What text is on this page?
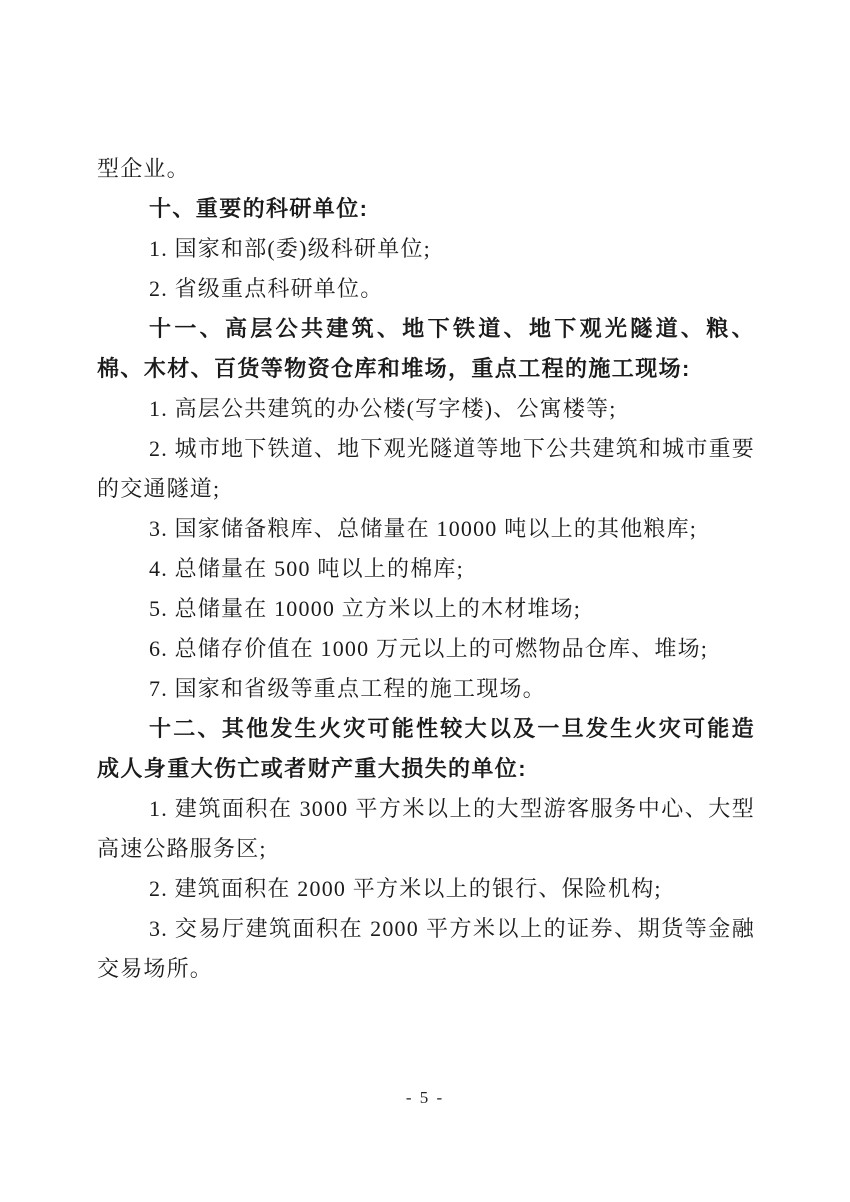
型企业。

十、重要的科研单位:

1. 国家和部(委)级科研单位;

2. 省级重点科研单位。

十一、高层公共建筑、地下铁道、地下观光隧道、粮、棉、木材、百货等物资仓库和堆场，重点工程的施工现场:

1. 高层公共建筑的办公楼(写字楼)、公寓楼等;

2. 城市地下铁道、地下观光隧道等地下公共建筑和城市重要的交通隧道;

3. 国家储备粮库、总储量在 10000 吨以上的其他粮库;

4. 总储量在 500 吨以上的棉库;

5. 总储量在 10000 立方米以上的木材堆场;

6. 总储存价值在 1000 万元以上的可燃物品仓库、堆场;

7. 国家和省级等重点工程的施工现场。

十二、其他发生火灾可能性较大以及一旦发生火灾可能造成人身重大伤亡或者财产重大损失的单位:

1. 建筑面积在 3000 平方米以上的大型游客服务中心、大型高速公路服务区;

2. 建筑面积在 2000 平方米以上的银行、保险机构;

3. 交易厅建筑面积在 2000 平方米以上的证券、期货等金融交易场所。

- 5 -
